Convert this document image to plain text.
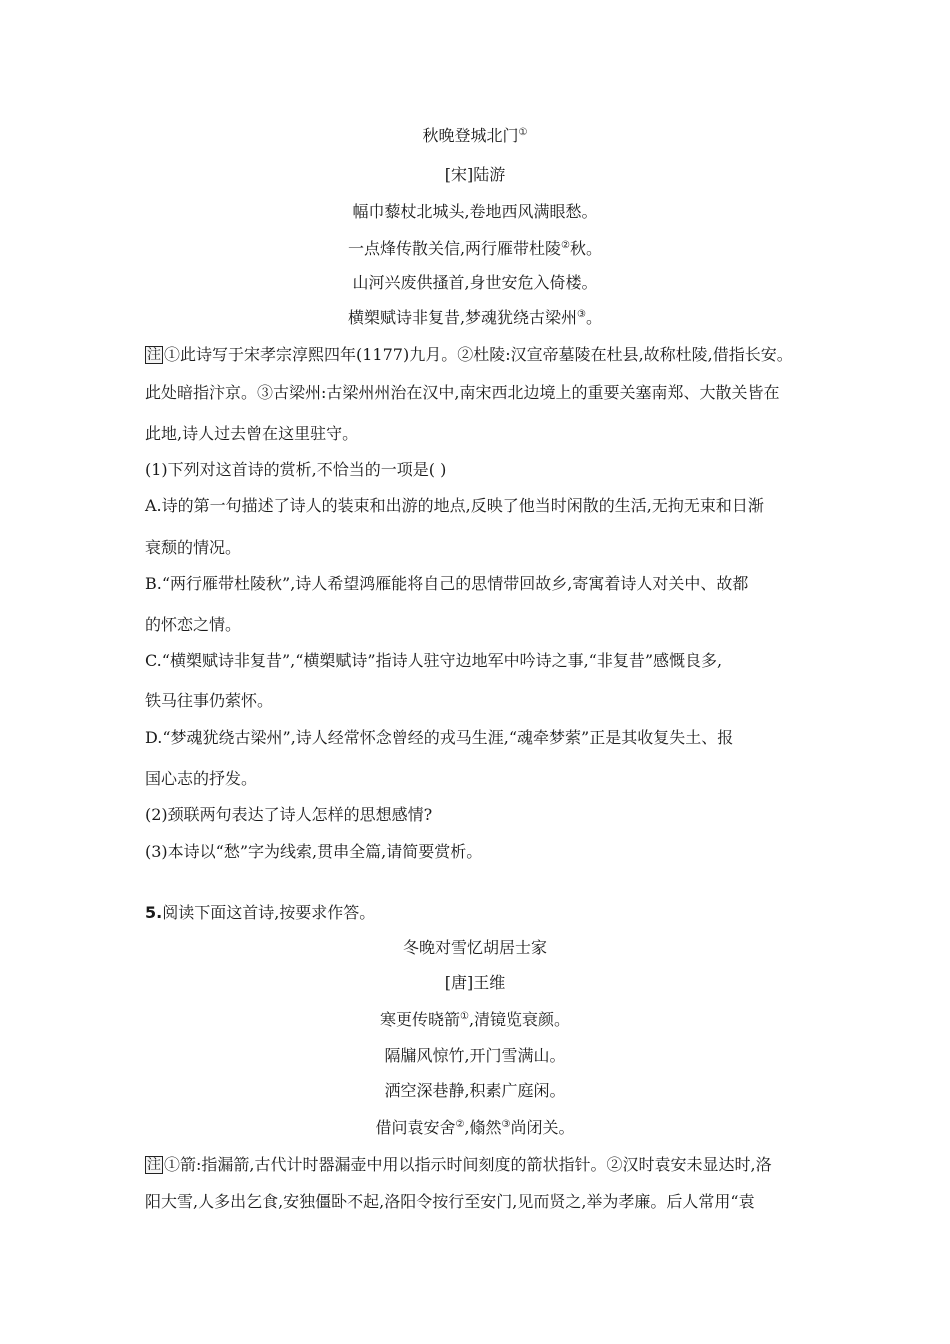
秋晚登城北门①
[宋]陆游
幅巾藜杖北城头,卷地西风满眼愁。
一点烽传散关信,两行雁带杜陵②秋。
山河兴废供搔首,身世安危入倚楼。
横槊赋诗非复昔,梦魂犹绕古梁州③。
注 ①此诗写于宋孝宗淳熙四年(1177)九月。②杜陵:汉宣帝墓陵在杜县,故称杜陵,借指长安。
此处暗指汴京。③古梁州:古梁州州治在汉中,南宋西北边境上的重要关塞南郑、大散关皆在
此地,诗人过去曾在这里驻守。
(1)下列对这首诗的赏析,不恰当的一项是( )
A.诗的第一句描述了诗人的装束和出游的地点,反映了他当时闲散的生活,无拘无束和日渐
衰颓的情况。
B.“两行雁带杜陵秋”,诗人希望鸿雁能将自己的思情带回故乡,寄寓着诗人对关中、故都
的怀恋之情。
C.“横槊赋诗非复昔”,“横槊赋诗”指诗人驻守边地军中吟诗之事,“非复昔”感慨良多,
铁马往事仍萦怀。
D.“梦魂犹绕古梁州”,诗人经常怀念曾经的戎马生涯,“魂牵梦萦”正是其收复失土、报
国心志的抒发。
(2)颈联两句表达了诗人怎样的思想感情?
(3)本诗以“愁”字为线索,贯串全篇,请简要赏析。
5.阅读下面这首诗,按要求作答。
冬晚对雪忆胡居士家
[唐]王维
寒更传晓箭①,清镜览衰颜。
隔牖风惊竹,开门雪满山。
洒空深巷静,积素广庭闲。
借问袁安舍②,翛然③尚闭关。
注 ①箭:指漏箭,古代计时器漏壶中用以指示时间刻度的箭状指针。②汉时袁安未显达时,洛
阳大雪,人多出乞食,安独僵卧不起,洛阳令按行至安门,见而贤之,举为孝廉。后人常用“袁
